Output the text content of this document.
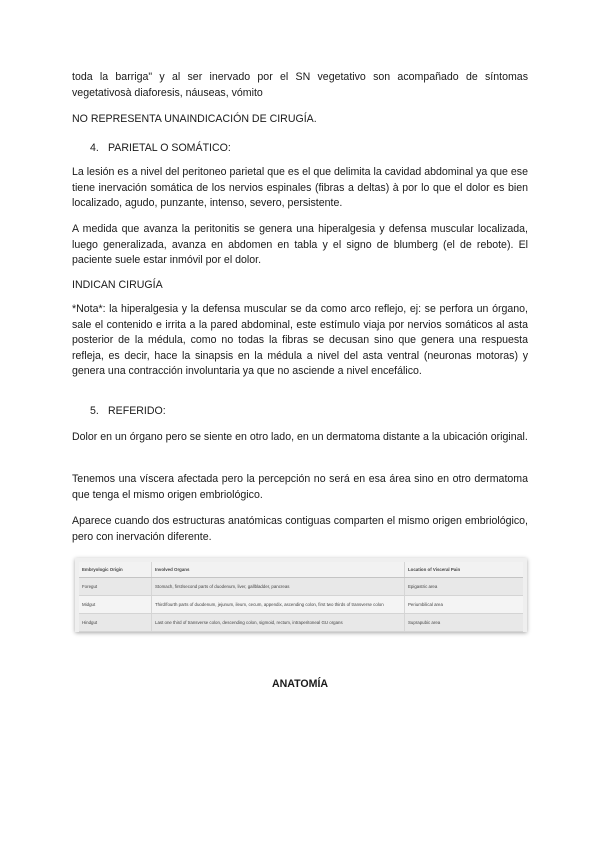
toda la barriga" y al ser inervado por el SN vegetativo son acompañado de síntomas vegetativosà diaforesis, náuseas, vómito

NO REPRESENTA UNAINDICACIÓN DE CIRUGÍA.

4. PARIETAL O SOMÁTICO:

La lesión es a nivel del peritoneo parietal que es el que delimita la cavidad abdominal ya que ese tiene inervación somática de los nervios espinales (fibras a deltas) à por lo que el dolor es bien localizado, agudo, punzante, intenso, severo, persistente.

A medida que avanza la peritonitis se genera una hiperalgesia y defensa muscular localizada, luego generalizada, avanza en abdomen en tabla y el signo de blumberg (el de rebote). El paciente suele estar inmóvil por el dolor.

INDICAN CIRUGÍA

*Nota*: la hiperalgesia y la defensa muscular se da como arco reflejo, ej: se perfora un órgano, sale el contenido e irrita a la pared abdominal, este estímulo viaja por nervios somáticos al asta posterior de la médula, como no todas la fibras se decusan sino que genera una respuesta refleja, es decir, hace la sinapsis en la médula a nivel del asta ventral (neuronas motoras) y genera una contracción involuntaria ya que no asciende a nivel encefálico.

5. REFERIDO:

Dolor en un órgano pero se siente en otro lado, en un dermatoma distante a la ubicación original.

Tenemos una víscera afectada pero la percepción no será en esa área sino en otro dermatoma que tenga el mismo origen embriológico.

Aparece cuando dos estructuras anatómicas contiguas comparten el mismo origen embriológico, pero con inervación diferente.

Embryologic Origin	Involved Organs	Location of Visceral Pain
Foregut	Stomach, first/second parts of duodenum, liver, gallbladder, pancreas	Epigastric area
Midgut	Third/fourth parts of duodenum, jejunum, ileum, cecum, appendix, ascending colon, first two thirds of transverse colon	Periumbilical area
Hindgut	Last one third of transverse colon, descending colon, sigmoid, rectum, intraperitoneal GU organs	Suprapubic area
ANATOMÍA
